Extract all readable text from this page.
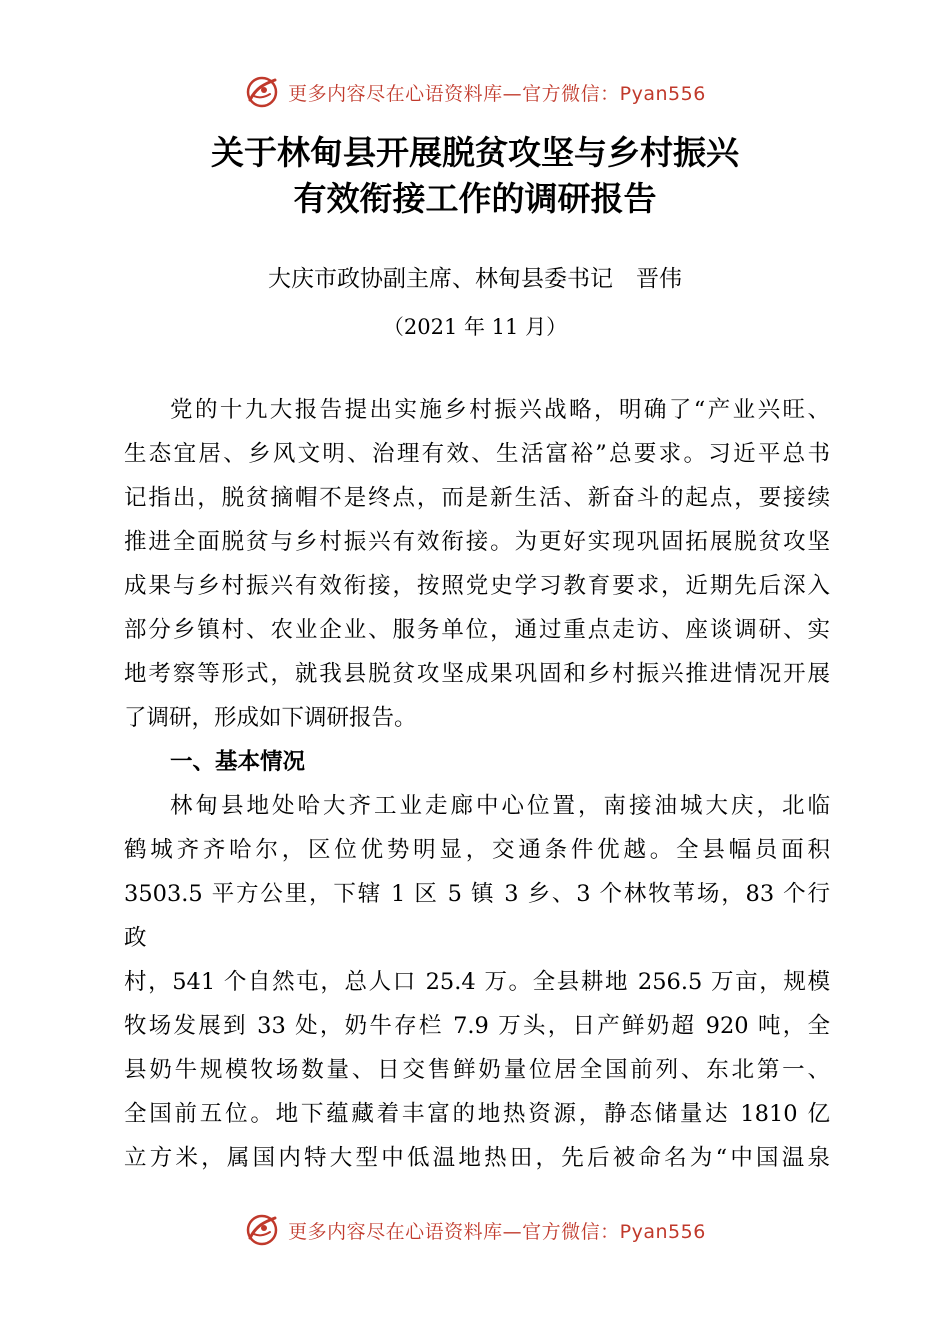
更多内容尽在心语资料库—官方微信：Pyan556
关于林甸县开展脱贫攻坚与乡村振兴
有效衔接工作的调研报告
大庆市政协副主席、林甸县委书记　晋伟
（2021 年 11 月）
党的十九大报告提出实施乡村振兴战略，明确了“产业兴旺、
生态宜居、乡风文明、治理有效、生活富裕”总要求。习近平总书
记指出，脱贫摘帽不是终点，而是新生活、新奋斗的起点，要接续
推进全面脱贫与乡村振兴有效衔接。为更好实现巩固拓展脱贫攻坚
成果与乡村振兴有效衔接，按照党史学习教育要求，近期先后深入
部分乡镇村、农业企业、服务单位，通过重点走访、座谈调研、实
地考察等形式，就我县脱贫攻坚成果巩固和乡村振兴推进情况开展
了调研，形成如下调研报告。
一、基本情况
林甸县地处哈大齐工业走廊中心位置，南接油城大庆，北临
鹤城齐齐哈尔，区位优势明显，交通条件优越。全县幅员面积
3503.5 平方公里，下辖 1 区 5 镇 3 乡、3 个林牧苇场，83 个行
政
村，541 个自然屯，总人口 25.4 万。全县耕地 256.5 万亩，规模
牧场发展到 33 处，奶牛存栏 7.9 万头，日产鲜奶超 920 吨，全
县奶牛规模牧场数量、日交售鲜奶量位居全国前列、东北第一、
全国前五位。地下蕴藏着丰富的地热资源，静态储量达 1810 亿
立方米，属国内特大型中低温地热田，先后被命名为“中国温泉
更多内容尽在心语资料库—官方微信：Pyan556
